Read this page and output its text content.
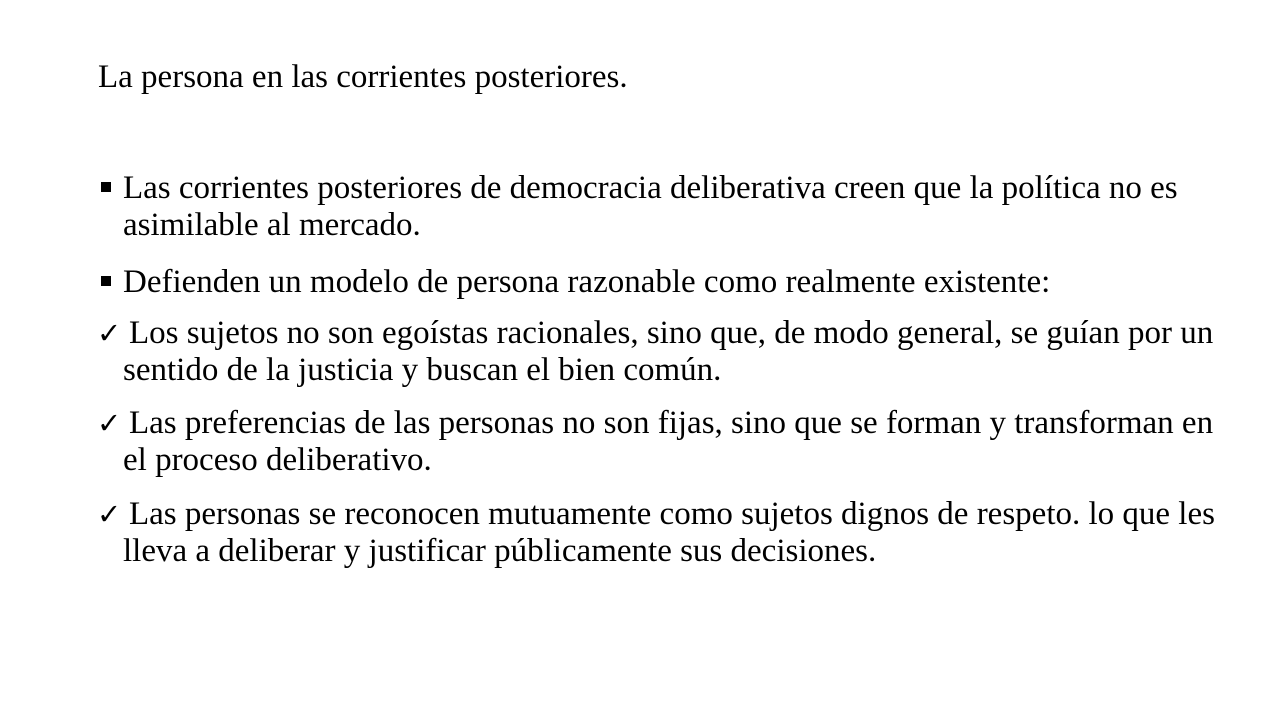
La persona en las corrientes posteriores.
Las corrientes posteriores de democracia deliberativa creen que la política no es asimilable al mercado.
Defienden un modelo de persona razonable como realmente existente:
✓ Los sujetos no son egoístas racionales, sino que, de modo general, se guían por un sentido de la justicia y buscan el bien común.
✓ Las preferencias de las personas no son fijas, sino que se forman y transforman en el proceso deliberativo.
✓ Las personas se reconocen mutuamente como sujetos dignos de respeto. lo que les lleva a deliberar y justificar públicamente sus decisiones.
